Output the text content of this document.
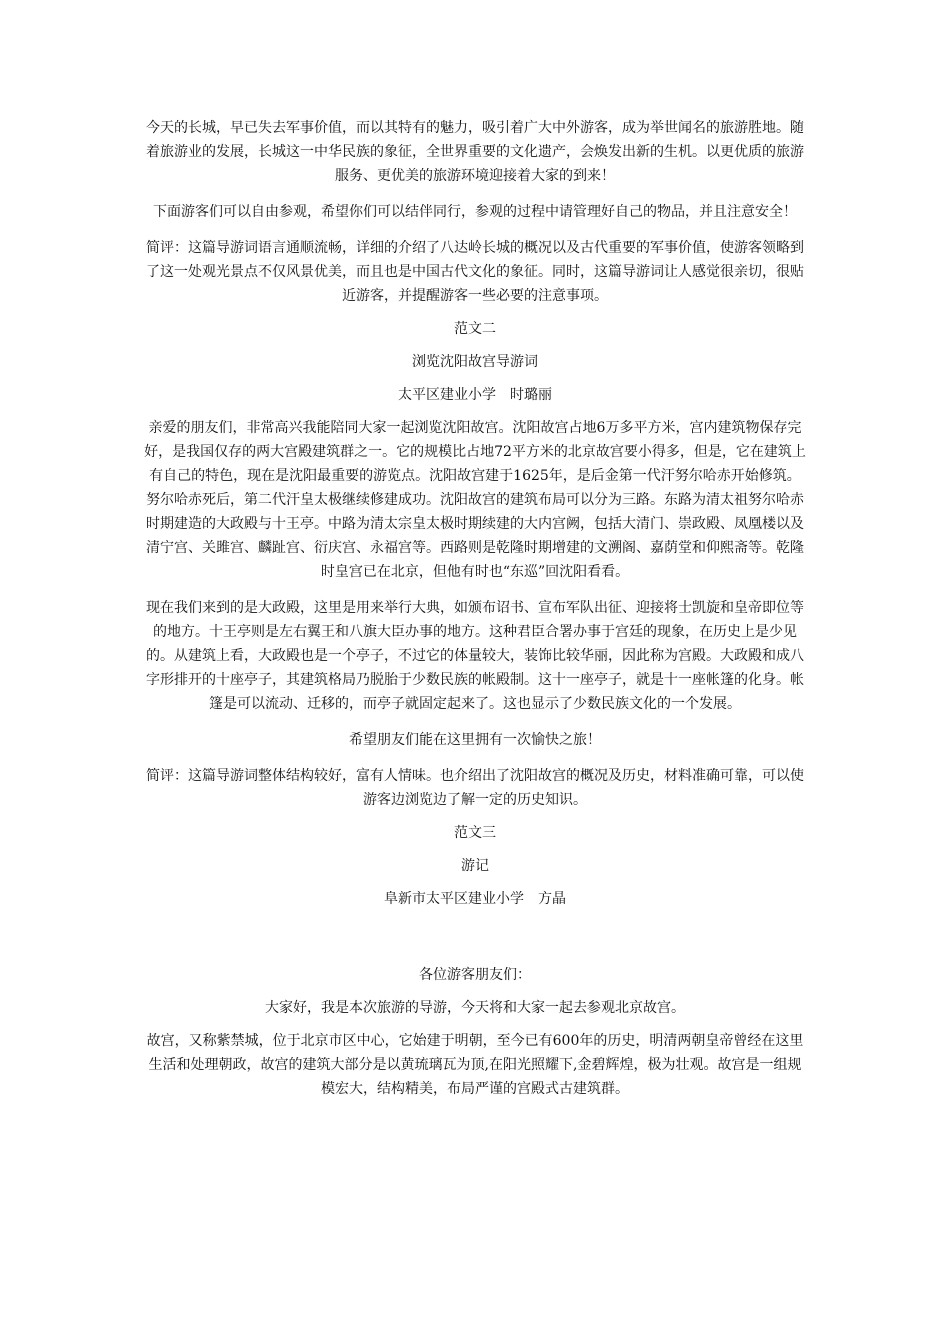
今天的长城，早已失去军事价值，而以其特有的魅力，吸引着广大中外游客，成为举世闻名的旅游胜地。随着旅游业的发展，长城这一中华民族的象征，全世界重要的文化遗产，会焕发出新的生机。以更优质的旅游服务、更优美的旅游环境迎接着大家的到来！

下面游客们可以自由参观，希望你们可以结伴同行，参观的过程中请管理好自己的物品，并且注意安全！

简评：这篇导游词语言通顺流畅，详细的介绍了八达岭长城的概况以及古代重要的军事价值，使游客领略到了这一处观光景点不仅风景优美，而且也是中国古代文化的象征。同时，这篇导游词让人感觉很亲切，很贴近游客，并提醒游客一些必要的注意事项。

范文二

浏览沈阳故宫导游词

太平区建业小学　时璐丽

亲爱的朋友们，非常高兴我能陪同大家一起浏览沈阳故宫。沈阳故宫占地6万多平方米，宫内建筑物保存完好，是我国仅存的两大宫殿建筑群之一。它的规模比占地72平方米的北京故宫要小得多，但是，它在建筑上有自己的特色，现在是沈阳最重要的游览点。沈阳故宫建于1625年，是后金第一代汗努尔哈赤开始修筑。努尔哈赤死后，第二代汗皇太极继续修建成功。沈阳故宫的建筑布局可以分为三路。东路为清太祖努尔哈赤时期建造的大政殿与十王亭。中路为清太宗皇太极时期续建的大内宫阙，包括大清门、崇政殿、凤凰楼以及清宁宫、关雎宫、麟趾宫、衍庆宫、永福宫等。西路则是乾隆时期增建的文溯阁、嘉荫堂和仰熙斋等。乾隆时皇宫已在北京，但他有时也“东巡”回沈阳看看。

现在我们来到的是大政殿，这里是用来举行大典，如颁布诏书、宣布军队出征、迎接将士凯旋和皇帝即位等的地方。十王亭则是左右翼王和八旗大臣办事的地方。这种君臣合署办事于宫廷的现象，在历史上是少见的。从建筑上看，大政殿也是一个亭子，不过它的体量较大，装饰比较华丽，因此称为宫殿。大政殿和成八字形排开的十座亭子，其建筑格局乃脱胎于少数民族的帐殿制。这十一座亭子，就是十一座帐篷的化身。帐篷是可以流动、迁移的，而亭子就固定起来了。这也显示了少数民族文化的一个发展。

希望朋友们能在这里拥有一次愉快之旅！

简评：这篇导游词整体结构较好，富有人情味。也介绍出了沈阳故宫的概况及历史，材料准确可靠，可以使游客边浏览边了解一定的历史知识。

范文三

游记

阜新市太平区建业小学　方晶

各位游客朋友们：

大家好，我是本次旅游的导游，今天将和大家一起去参观北京故宫。

故宫，又称紫禁城，位于北京市区中心，它始建于明朝，至今已有600年的历史，明清两朝皇帝曾经在这里生活和处理朝政，故宫的建筑大部分是以黄琉璃瓦为顶,在阳光照耀下,金碧辉煌，极为壮观。故宫是一组规模宏大，结构精美，布局严谨的宫殿式古建筑群。
